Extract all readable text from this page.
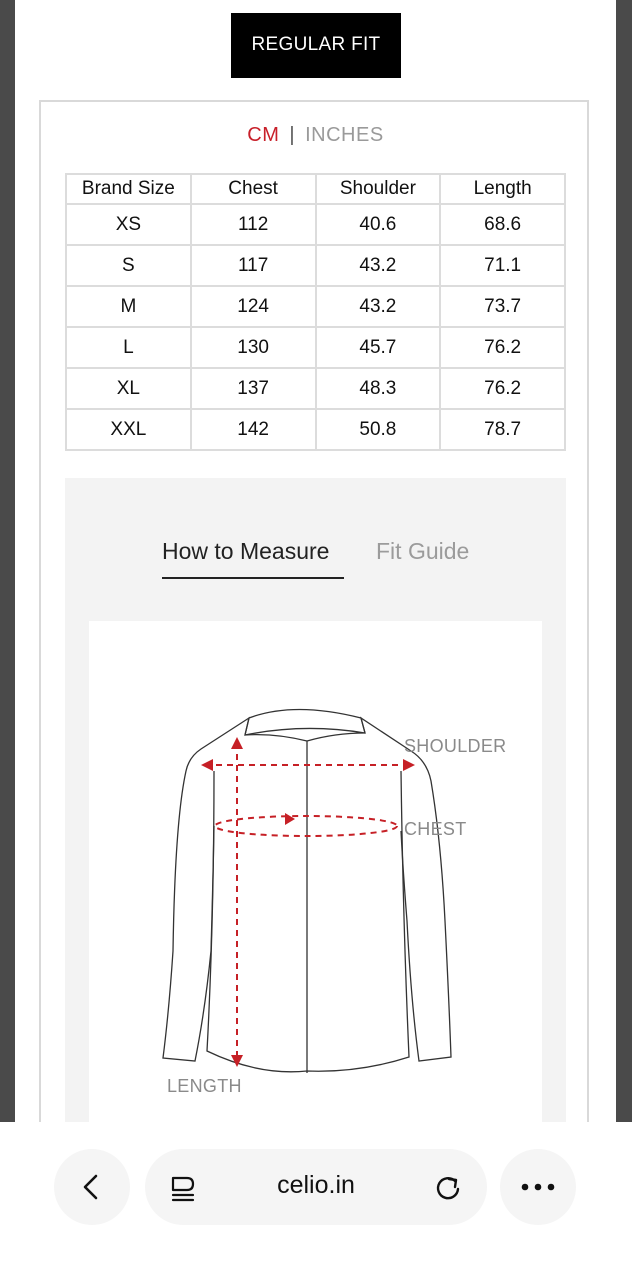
REGULAR FIT
CM | INCHES
Brand Size	Chest	Shoulder	Length
XS	112	40.6	68.6
S	117	43.2	71.1
M	124	43.2	73.7
L	130	45.7	76.2
XL	137	48.3	76.2
XXL	142	50.8	78.7
How to Measure Fit Guide
SHOULDER
CHEST
LENGTH
celio.in
